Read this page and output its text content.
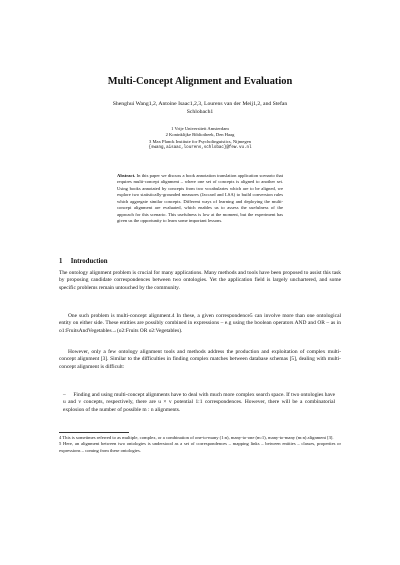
Multi-Concept Alignment and Evaluation
Shenghui Wang1,2, Antoine Isaac1,2,3, Lourens van der Meij1,2, and Stefan
Schlobach1
1 Vrije Universiteit Amsterdam
2 Koninklijke Bibliotheek, Den Haag
3 Max Planck Institute for Psycholinguistics, Nijmegen
{swang,aisaac,lourens,schlobac}@few.vu.nl
Abstract. In this paper we discuss a book annotation translation application scenario that requires multi-concept alignment – where one set of concepts is aligned to another set. Using books annotated by concepts from two vocabularies which are to be aligned, we explore two statistically-grounded measures (Jaccard and LSA) to build conversion rules which aggregate similar concepts. Different ways of learning and deploying the multi-concept alignment are evaluated, which enables us to assess the usefulness of the approach for this scenario. This usefulness is low at the moment, but the experiment has given us the opportunity to learn some important lessons.
1 Introduction
The ontology alignment problem is crucial for many applications. Many methods and tools have been proposed to assist this task by proposing candidate correspondences between two ontologies. Yet the application field is largely unchartered, and some specific problems remain untouched by the community.
One such problem is multi-concept alignment.4 In these, a given correspondence5 can involve more than one ontological entity on either side. These entities are possibly combined in expressions – e.g using the boolean operators AND and OR – as in o1:FruitsAndVegetables→(o2:Fruits OR o2:Vegetables).
However, only a few ontology alignment tools and methods address the production and exploitation of complex multi-concept alignment [3]. Similar to the difficulties in finding complex matches between database schemas [5], dealing with multi-concept alignment is difficult:
– Finding and using multi-concept alignments have to deal with much more complex search space. If two ontologies have u and v concepts, respectively, there are u × v potential 1:1 correspondences. However, there will be a combinatorial explosion of the number of possible m : n alignments.

4 This is sometimes referred to as multiple, complex, or a combination of one-to-many (1:n), many-to-one (m:1), many-to-many (m:n) alignment [3].

5 Here, an alignment between two ontologies is understood as a set of correspondences – mapping links – between entities – classes, properties or expressions – coming from these ontologies.
